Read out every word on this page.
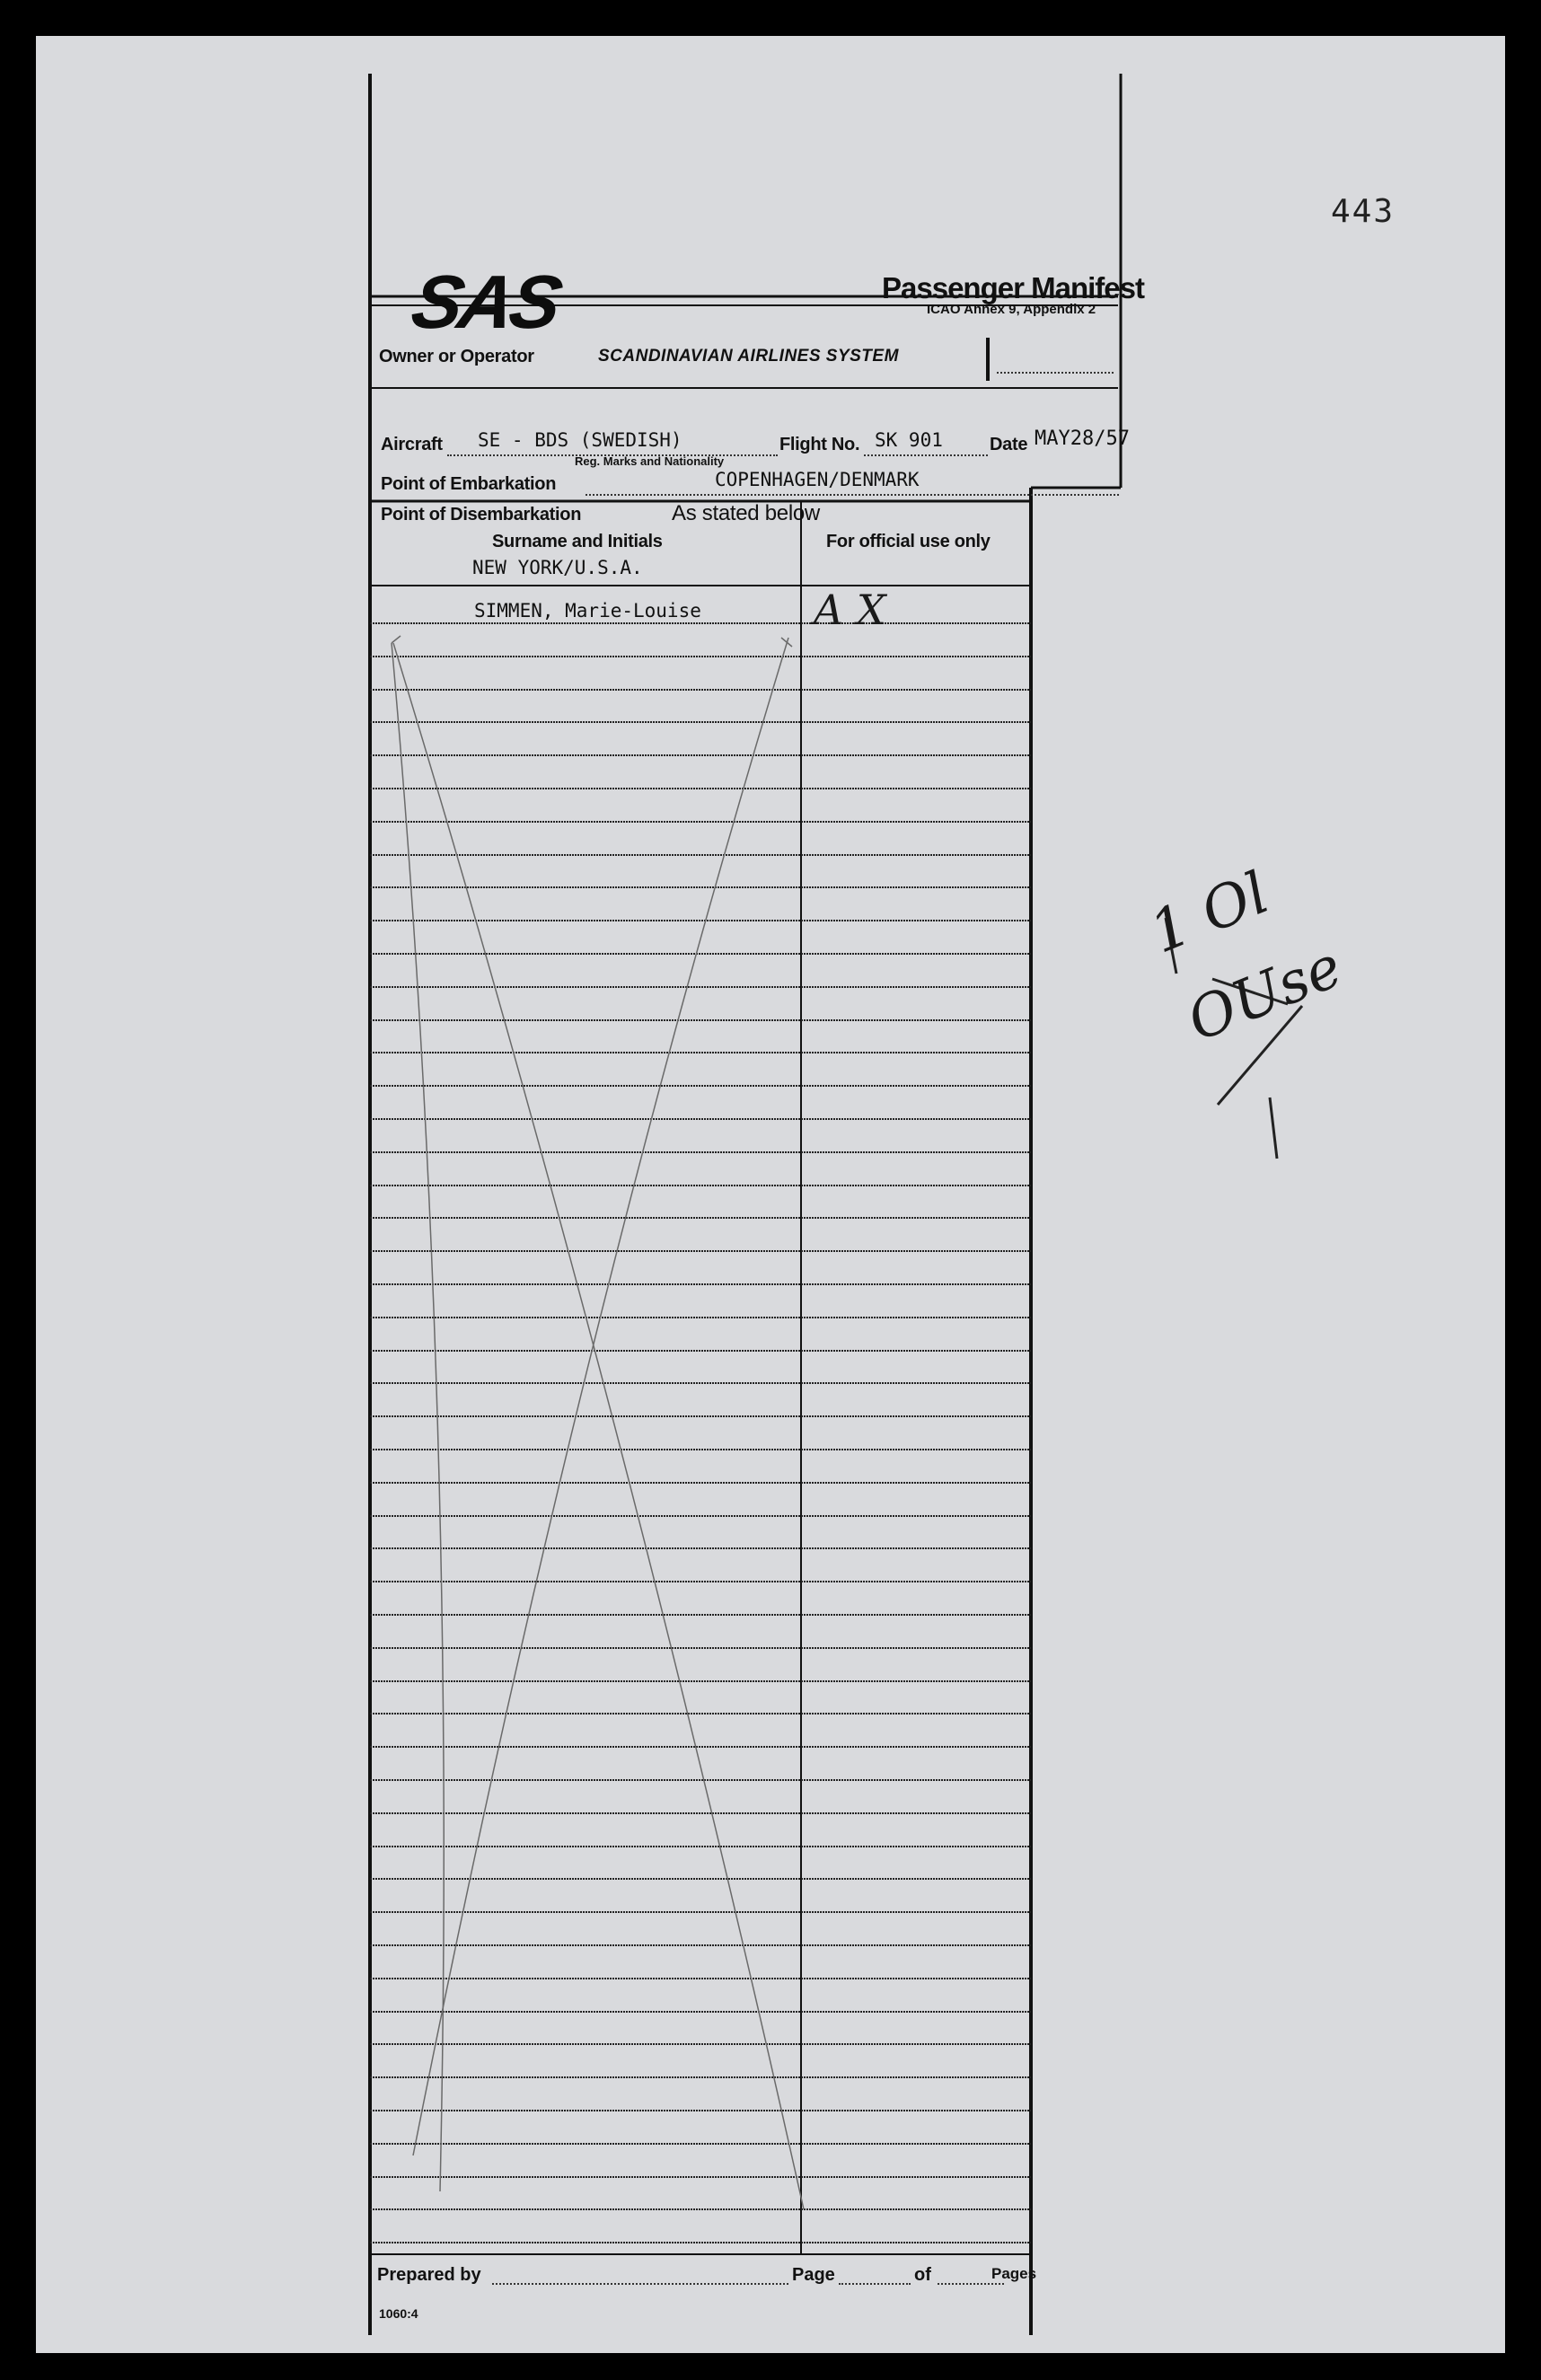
443
SAS	Passenger Manifest
ICAO Annex 9, Appendix 2
Owner or Operator	SCANDINAVIAN AIRLINES SYSTEM
Aircraft SE - BDS (SWEDISH)
Reg. Marks and Nationality
Flight No. SK 901	Date MAY28/57
Point of Embarkation	COPENHAGEN/DENMARK
Point of Disembarkation	As stated below
Surname and Initials	For official use only
NEW YORK/U.S.A.
SIMMEN, Marie-Louise	A X
Prepared by	Page	of	Pages
1060:4
1 Ol
OUse
